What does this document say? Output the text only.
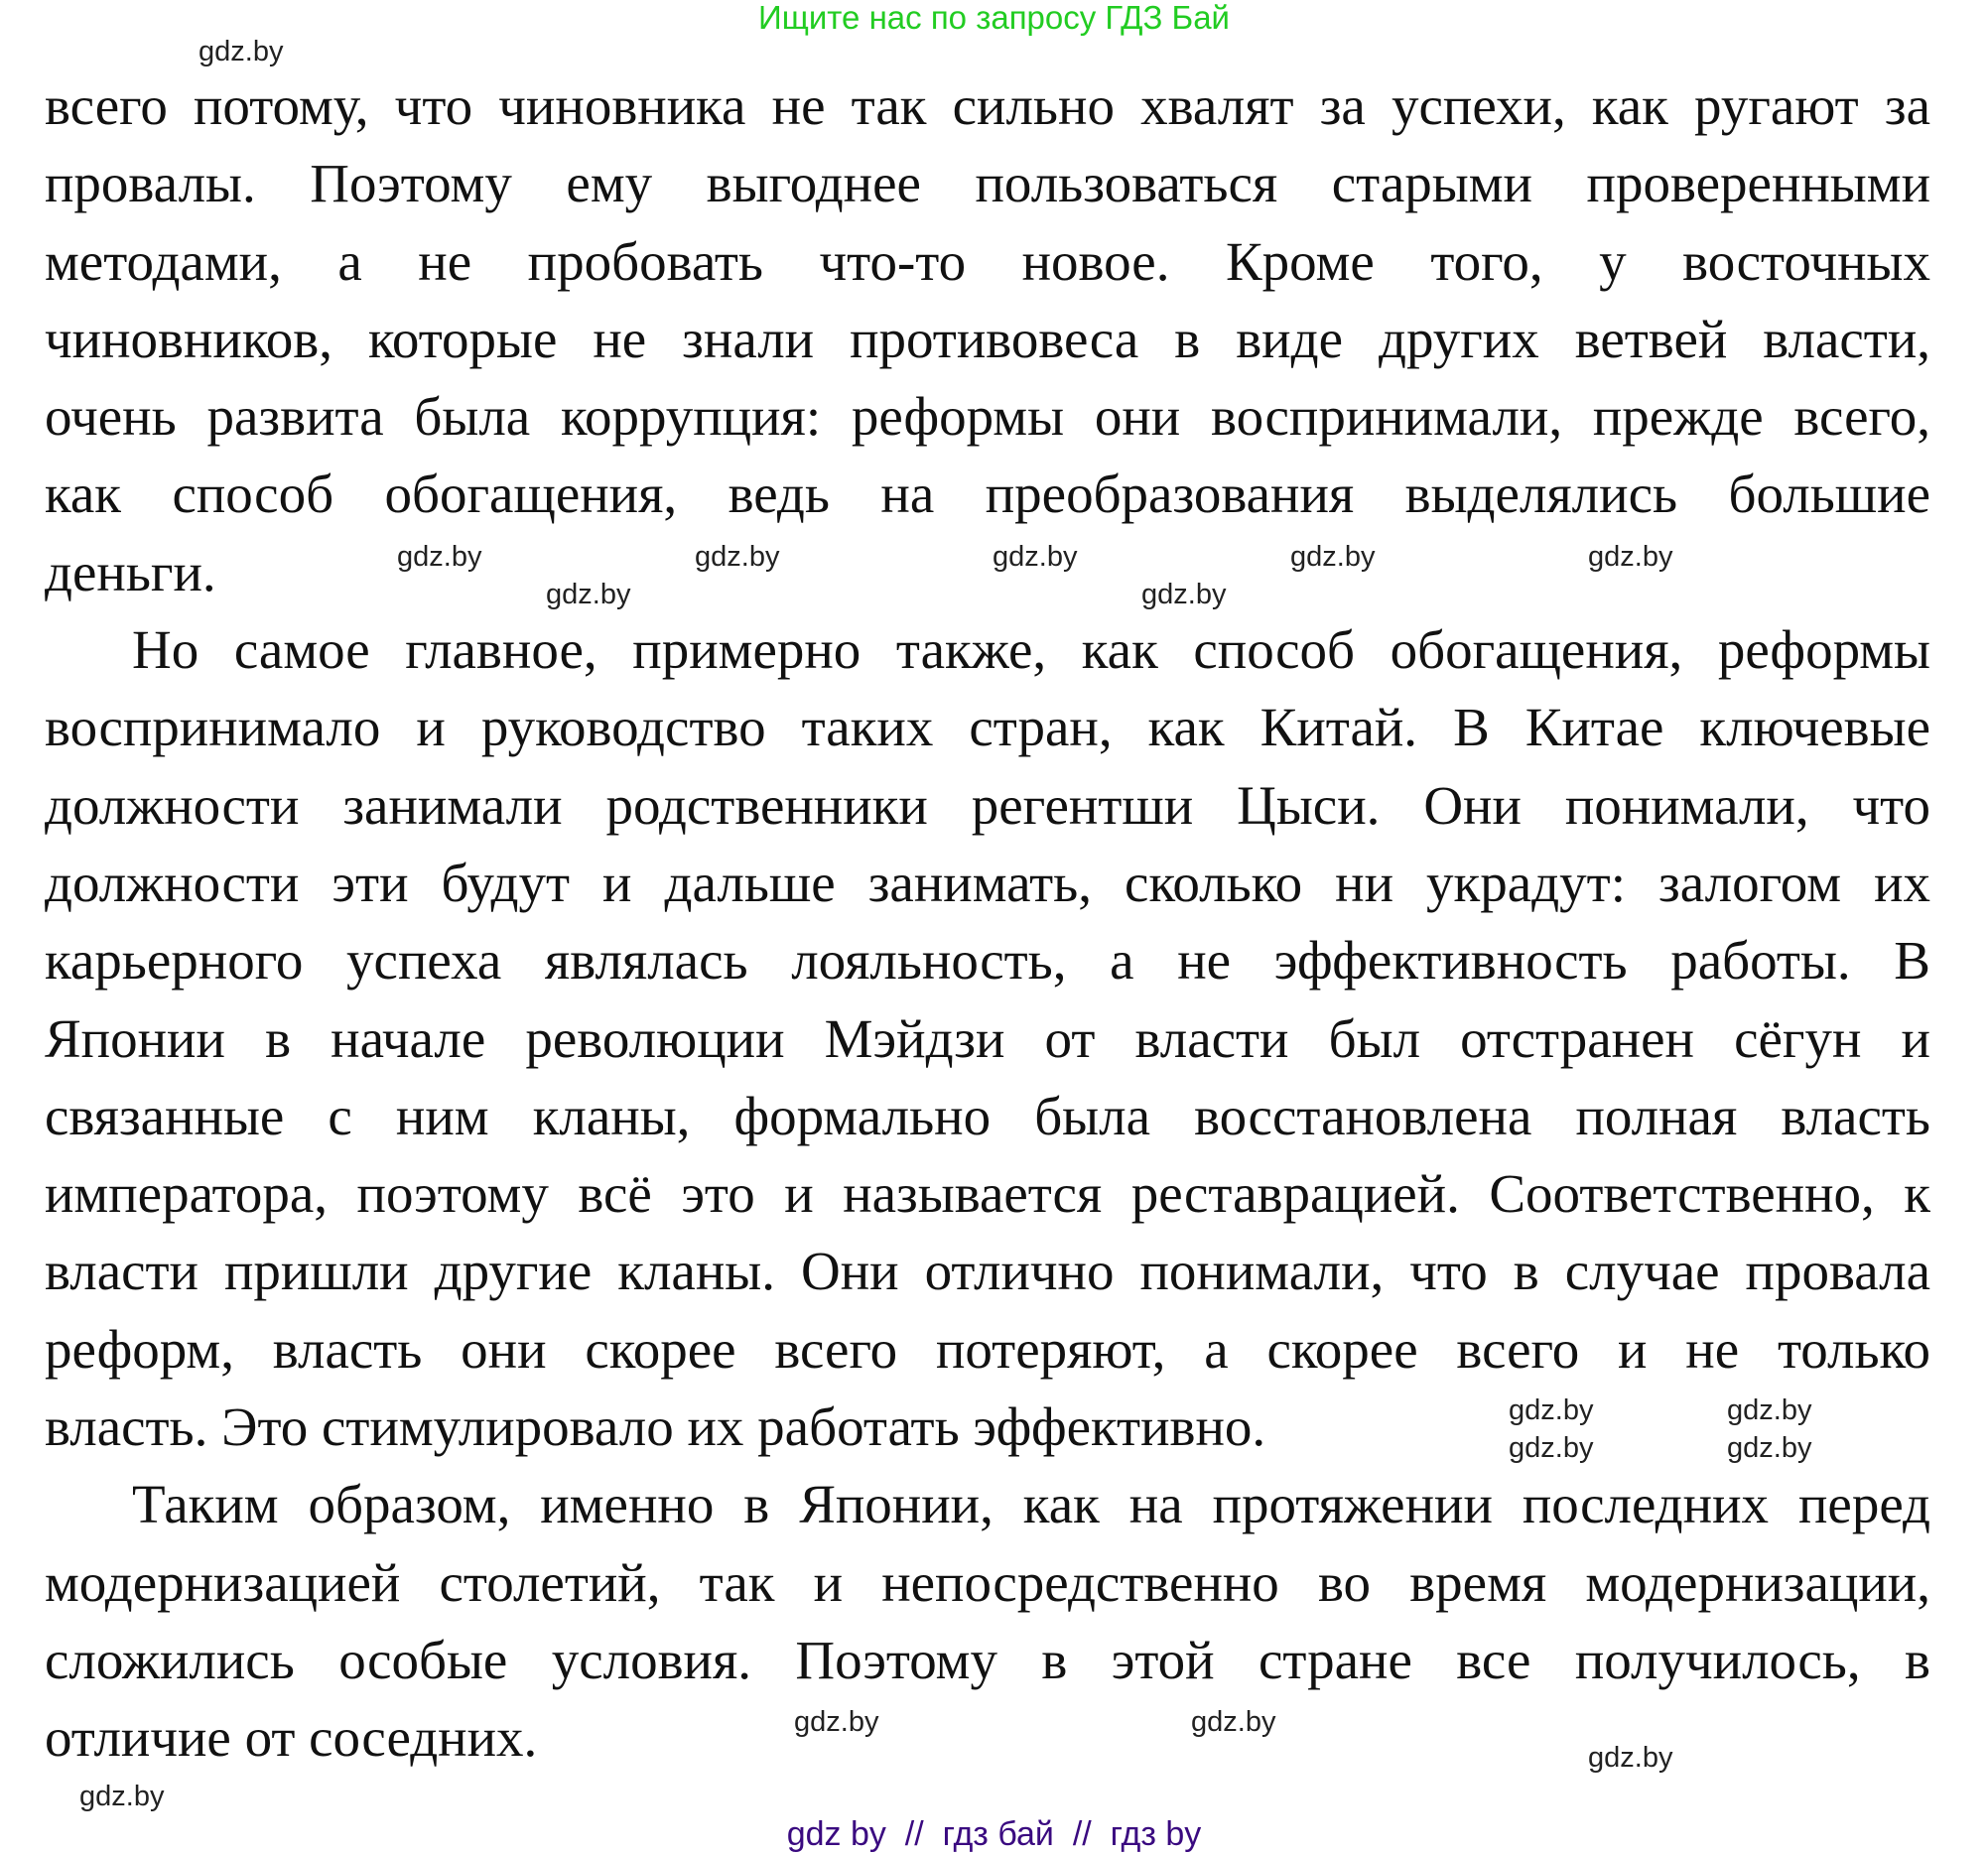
Ищите нас по запросу ГДЗ Бай
всего потому, что чиновника не так сильно хвалят за успехи, как ругают за
провалы. Поэтому ему выгоднее пользоваться старыми проверенными
методами, а не пробовать что-то новое. Кроме того, у восточных
чиновников, которые не знали противовеса в виде других ветвей власти,
очень развита была коррупция: реформы они воспринимали, прежде всего,
как способ обогащения, ведь на преобразования выделялись большие
деньги.
Но самое главное, примерно также, как способ обогащения, реформы
воспринимало и руководство таких стран, как Китай. В Китае ключевые
должности занимали родственники регентши Цыси. Они понимали, что
должности эти будут и дальше занимать, сколько ни украдут: залогом их
карьерного успеха являлась лояльность, а не эффективность работы. В
Японии в начале революции Мэйдзи от власти был отстранен сёгун и
связанные с ним кланы, формально была восстановлена полная власть
императора, поэтому всё это и называется реставрацией. Соответственно, к
власти пришли другие кланы. Они отлично понимали, что в случае провала
реформ, власть они скорее всего потеряют, а скорее всего и не только
власть. Это стимулировало их работать эффективно.
Таким образом, именно в Японии, как на протяжении последних перед
модернизацией столетий, так и непосредственно во время модернизации,
сложились особые условия. Поэтому в этой стране все получилось, в
отличие от соседних.
gdz.by
gdz.by	gdz.by	gdz.by	gdz.by	gdz.by
gdz.by	gdz.by
gdz.by	gdz.by
gdz.by	gdz.by
gdz.by	gdz.by
gdz.by
gdz.by
gdz by  //  гдз бай  //  гдз by
